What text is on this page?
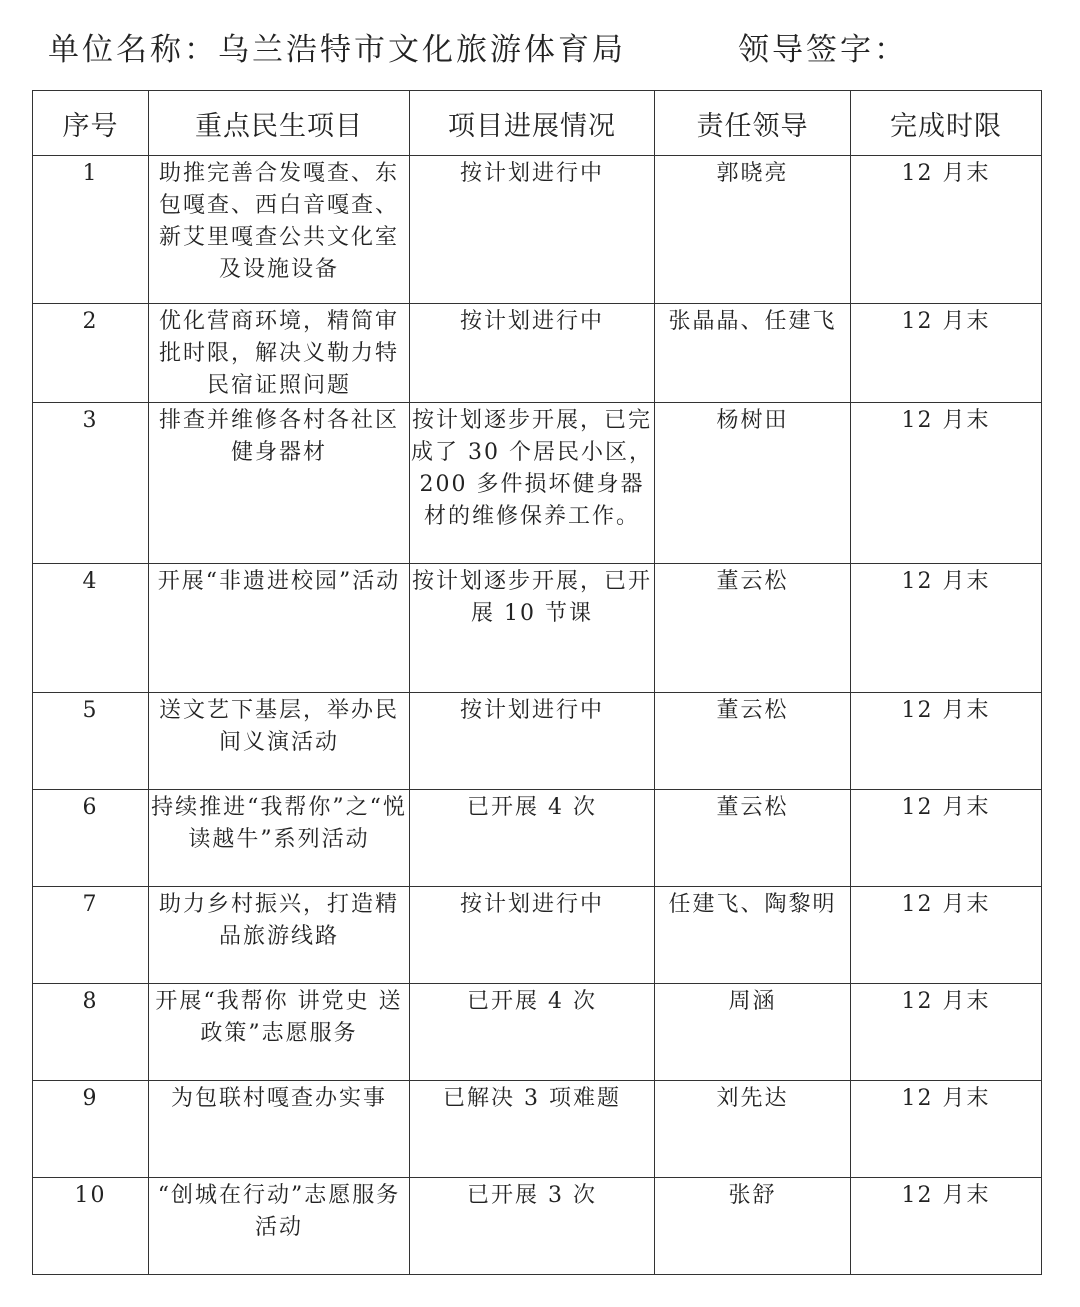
单位名称：乌兰浩特市文化旅游体育局	领导签字：
序号	重点民生项目	项目进展情况	责任领导	完成时限
1	助推完善合发嘎查、东包嘎查、西白音嘎查、新艾里嘎查公共文化室及设施设备	按计划进行中	郭晓亮	12 月末
2	优化营商环境，精简审批时限，解决义勒力特民宿证照问题	按计划进行中	张晶晶、任建飞	12 月末
3	排查并维修各村各社区健身器材	按计划逐步开展，已完成了 30 个居民小区，200 多件损坏健身器材的维修保养工作。	杨树田	12 月末
4	开展“非遗进校园”活动	按计划逐步开展，已开展 10 节课	董云松	12 月末
5	送文艺下基层，举办民间义演活动	按计划进行中	董云松	12 月末
6	持续推进“我帮你”之“悦读越牛”系列活动	已开展 4 次	董云松	12 月末
7	助力乡村振兴，打造精品旅游线路	按计划进行中	任建飞、陶黎明	12 月末
8	开展“我帮你 讲党史 送政策”志愿服务	已开展 4 次	周涵	12 月末
9	为包联村嘎查办实事	已解决 3 项难题	刘先达	12 月末
10	“创城在行动”志愿服务活动	已开展 3 次	张舒	12 月末
